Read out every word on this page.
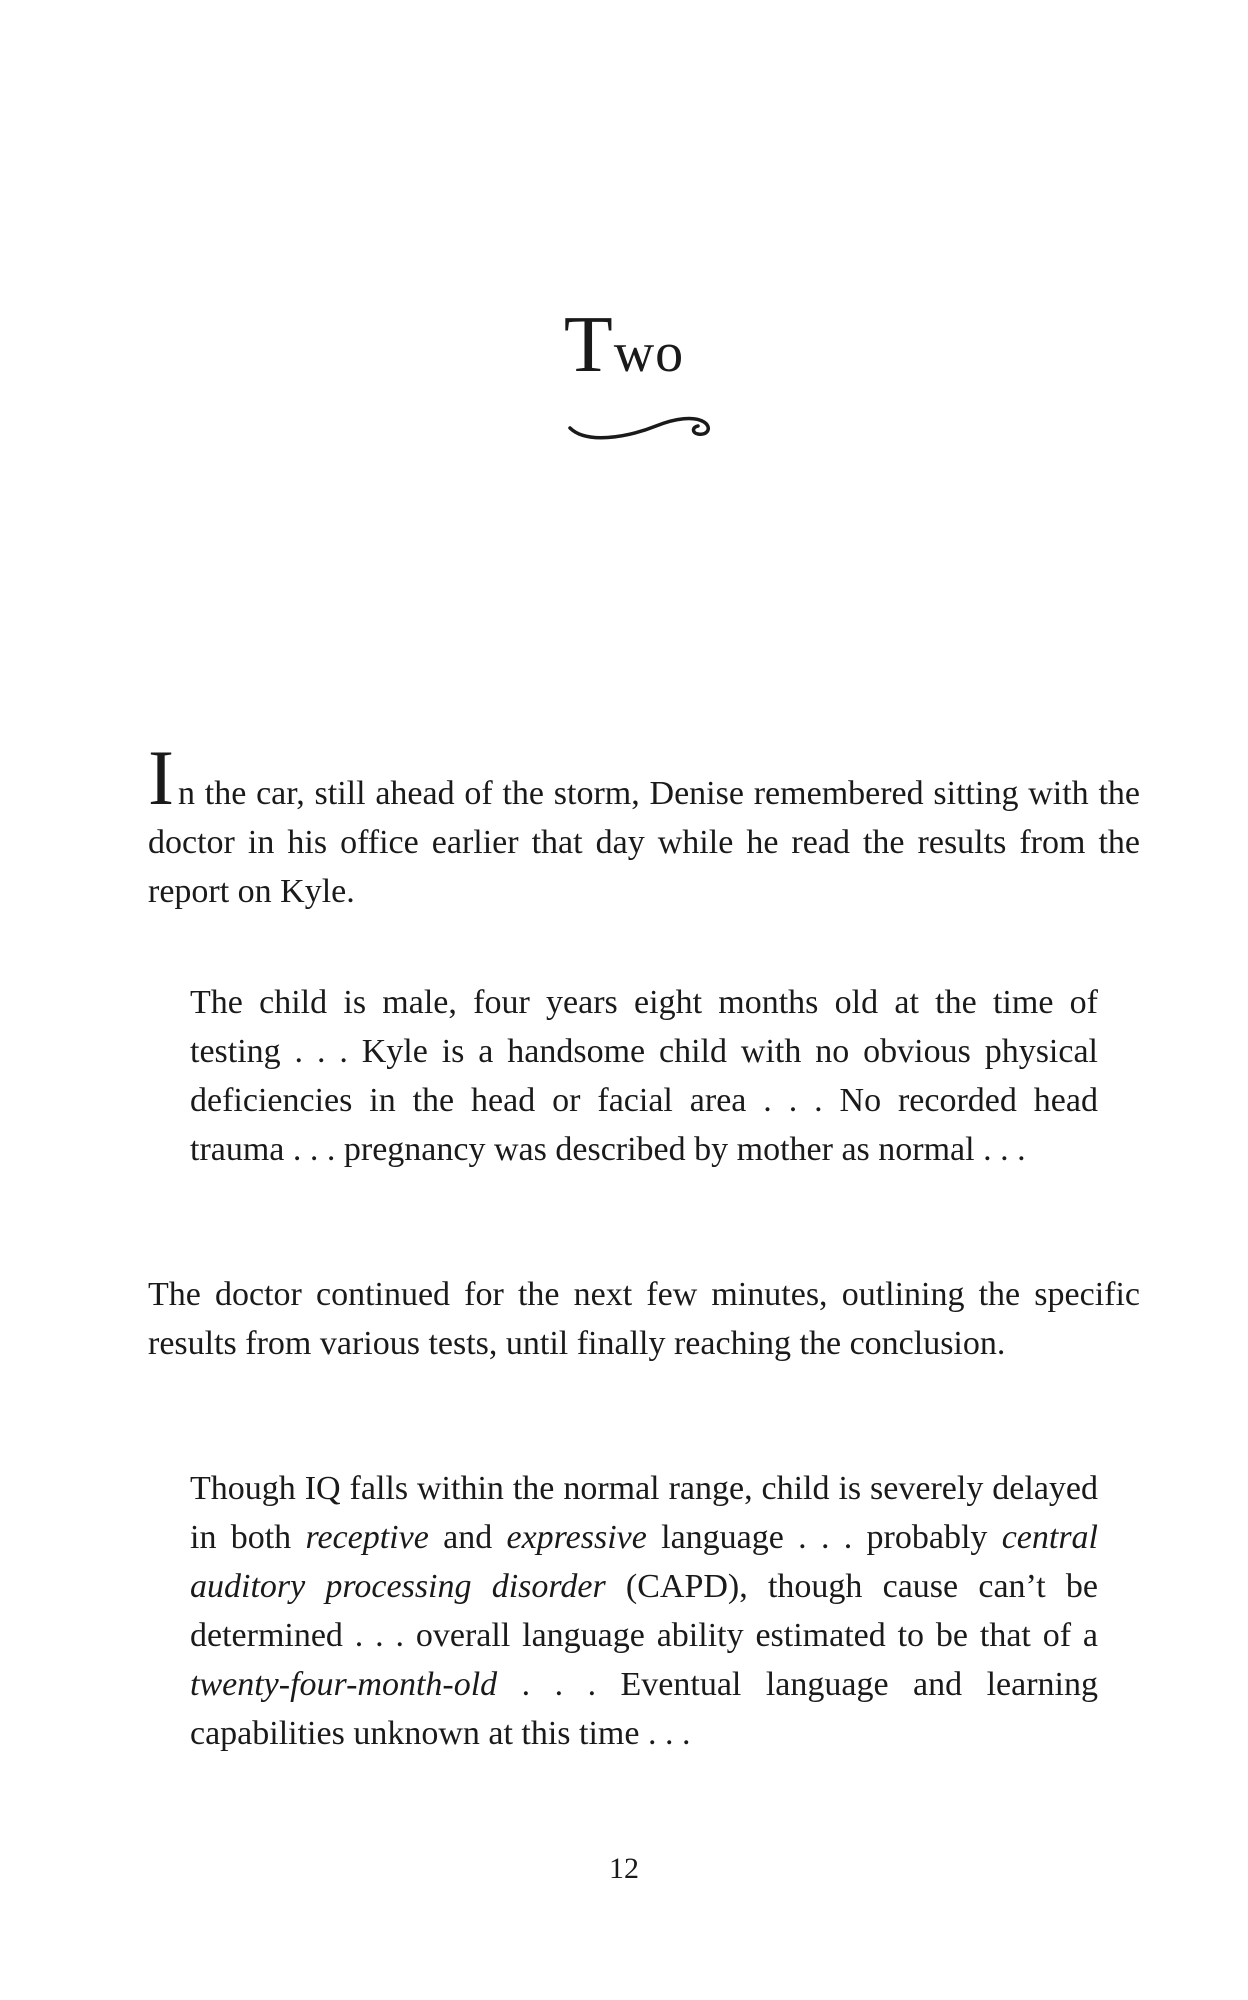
Two

In the car, still ahead of the storm, Denise remembered sitting with the doctor in his office earlier that day while he read the results from the report on Kyle.

The child is male, four years eight months old at the time of testing . . . Kyle is a handsome child with no obvious physical deficiencies in the head or facial area . . . No recorded head trauma . . . pregnancy was described by mother as normal . . .

The doctor continued for the next few minutes, outlining the specific results from various tests, until finally reaching the conclusion.

Though IQ falls within the normal range, child is severely delayed in both receptive and expressive language . . . probably central auditory processing disorder (CAPD), though cause can’t be determined . . . overall language ability estimated to be that of a twenty-four-month-old . . . Eventual language and learning capabilities unknown at this time . . .

12
